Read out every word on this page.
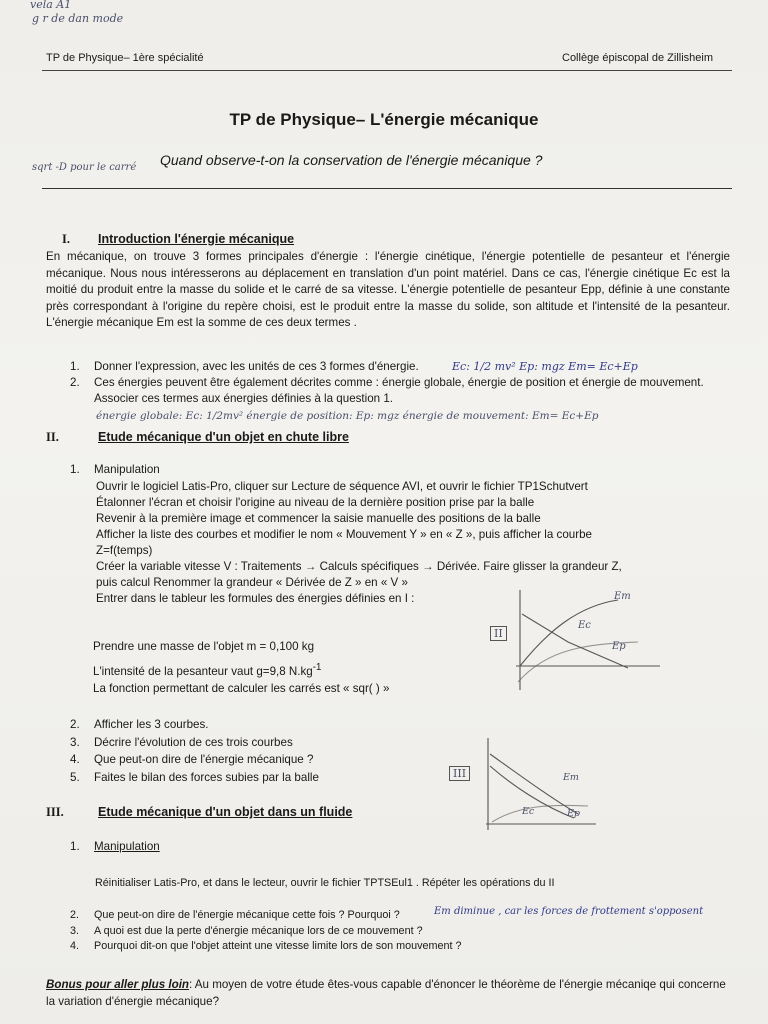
vela A1
g r de dan mode
TP de Physique– 1ère spécialité	Collège épiscopal de Zillisheim
TP de Physique– L'énergie mécanique
sqrt -D pour le carré Quand observe-t-on la conservation de l'énergie mécanique ?
I. Introduction l'énergie mécanique
En mécanique, on trouve 3 formes principales d'énergie : l'énergie cinétique, l'énergie potentielle de pesanteur et l'énergie mécanique. Nous nous intéresserons au déplacement en translation d'un point matériel. Dans ce cas, l'énergie cinétique Ec est la moitié du produit entre la masse du solide et le carré de sa vitesse. L'énergie potentielle de pesanteur Epp, définie à une constante près correspondant à l'origine du repère choisi, est le produit entre la masse du solide, son altitude et l'intensité de la pesanteur. L'énergie mécanique Em est la somme de ces deux termes .
1. Donner l'expression, avec les unités de ces 3 formes d'énergie.
2. Ces énergies peuvent être également décrites comme : énergie globale, énergie de position et énergie de mouvement. Associer ces termes aux énergies définies à la question 1.
Ec: 1/2 mv² Ep: mgz Em= Ec+Ep
énergie globale: Ec: 1/2mv² énergie de position: Ep: mgz énergie de mouvement: Em= Ec+Ep
II.	Etude mécanique d'un objet en chute libre
1. Manipulation
Ouvrir le logiciel Latis-Pro, cliquer sur Lecture de séquence AVI, et ouvrir le fichier TP1Schutvert
Étalonner l'écran et choisir l'origine au niveau de la dernière position prise par la balle
Revenir à la première image et commencer la saisie manuelle des positions de la balle
Afficher la liste des courbes et modifier le nom « Mouvement Y » en « Z », puis afficher la courbe
Z=f(temps)
Créer la variable vitesse V : Traitements → Calculs spécifiques → Dérivée. Faire glisser la grandeur Z,
puis calcul Renommer la grandeur « Dérivée de Z » en « V »
Entrer dans le tableur les formules des énergies définies en I :
Prendre une masse de l'objet m = 0,100 kg
L'intensité de la pesanteur vaut g=9,8 $N.kg^{-1}$
La fonction permettant de calculer les carrés est « sqr( ) »
II
Em
Ec
Ep
2. Afficher les 3 courbes.
3. Décrire l'évolution de ces trois courbes
4. Que peut-on dire de l'énergie mécanique ?
5. Faites le bilan des forces subies par la balle	III	Em
Ec	Ep
III.	Etude mécanique d'un objet dans un fluide
1. Manipulation
Réinitialiser Latis-Pro, et dans le lecteur, ouvrir le fichier TPTSEul1 . Répéter les opérations du II
2. Que peut-on dire de l'énergie mécanique cette fois ? Pourquoi ?
3. A quoi est due la perte d'énergie mécanique lors de ce mouvement ?
4. Pourquoi dit-on que l'objet atteint une vitesse limite lors de son mouvement ?
Em diminue , car les forces de frottement s'opposent
Bonus pour aller plus loin: Au moyen de votre étude êtes-vous capable d'énoncer le théorème de l'énergie mécaniqe qui concerne la variation d'énergie mécanique?
